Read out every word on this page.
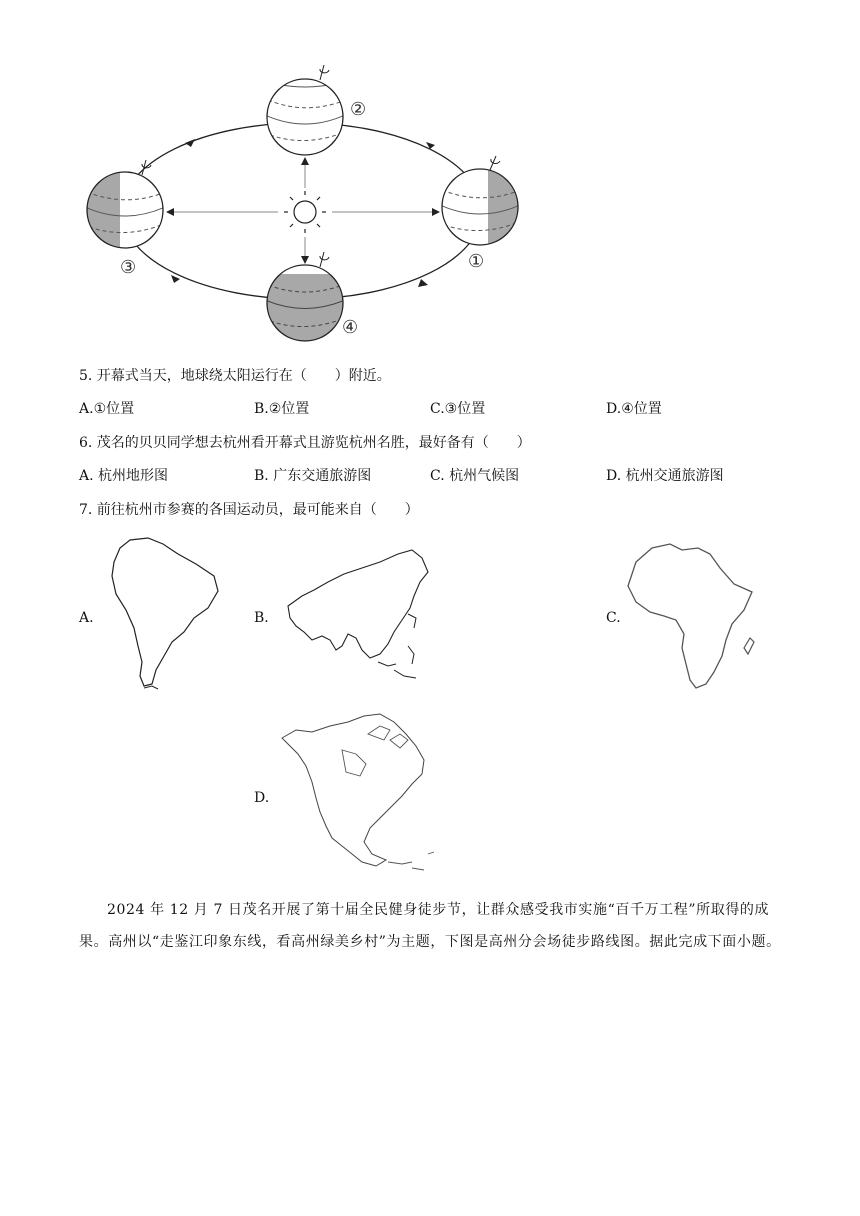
①
②
③
④
5. 开幕式当天，地球绕太阳运行在（　　）附近。
A.①位置	B.②位置	C.③位置	D.④位置
6. 茂名的贝贝同学想去杭州看开幕式且游览杭州名胜，最好备有（　　）
A. 杭州地形图	B. 广东交通旅游图	C. 杭州气候图	D. 杭州交通旅游图
7. 前往杭州市参赛的各国运动员，最可能来自（　　）
A.	B.	C.
D.
2024 年 12 月 7 日茂名开展了第十届全民健身徒步节，让群众感受我市实施“百千万工程”所取得的成果。高州以“走鉴江印象东线，看高州绿美乡村”为主题，下图是高州分会场徒步路线图。据此完成下面小题。
